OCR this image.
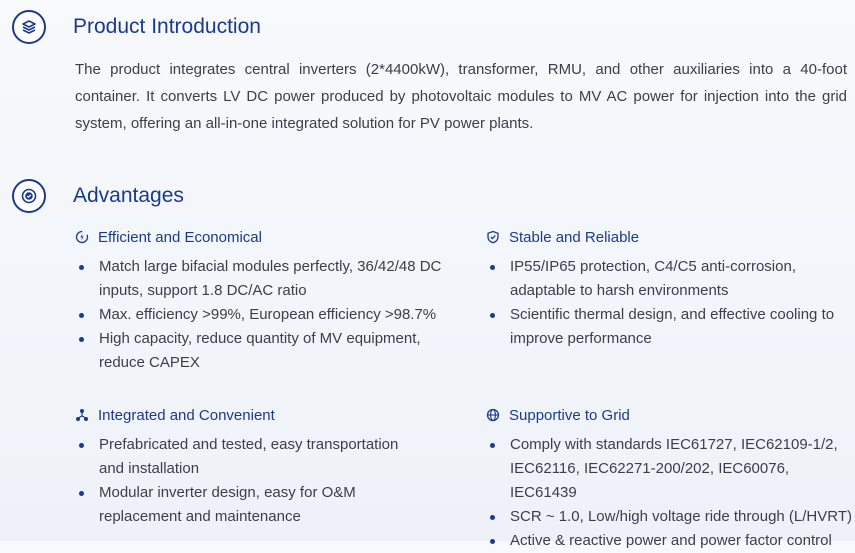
Product Introduction
The product integrates central inverters (2*4400kW), transformer, RMU, and other auxiliaries into a 40-foot container. It converts LV DC power produced by photovoltaic modules to MV AC power for injection into the grid system, offering an all-in-one integrated solution for PV power plants.
Advantages
Efficient and Economical
Match large bifacial modules perfectly, 36/42/48 DC inputs, support 1.8 DC/AC ratio
Max. efficiency >99%, European efficiency >98.7%
High capacity, reduce quantity of MV equipment, reduce CAPEX
Stable and Reliable
IP55/IP65 protection, C4/C5 anti-corrosion, adaptable to harsh environments
Scientific thermal design, and effective cooling to improve performance
Integrated and Convenient
Prefabricated and tested, easy transportation and installation
Modular inverter design, easy for O&M replacement and maintenance
Supportive to Grid
Comply with standards IEC61727, IEC62109-1/2, IEC62116, IEC62271-200/202, IEC60076, IEC61439
SCR ~ 1.0, Low/high voltage ride through (L/HVRT)
Active & reactive power and power factor control
